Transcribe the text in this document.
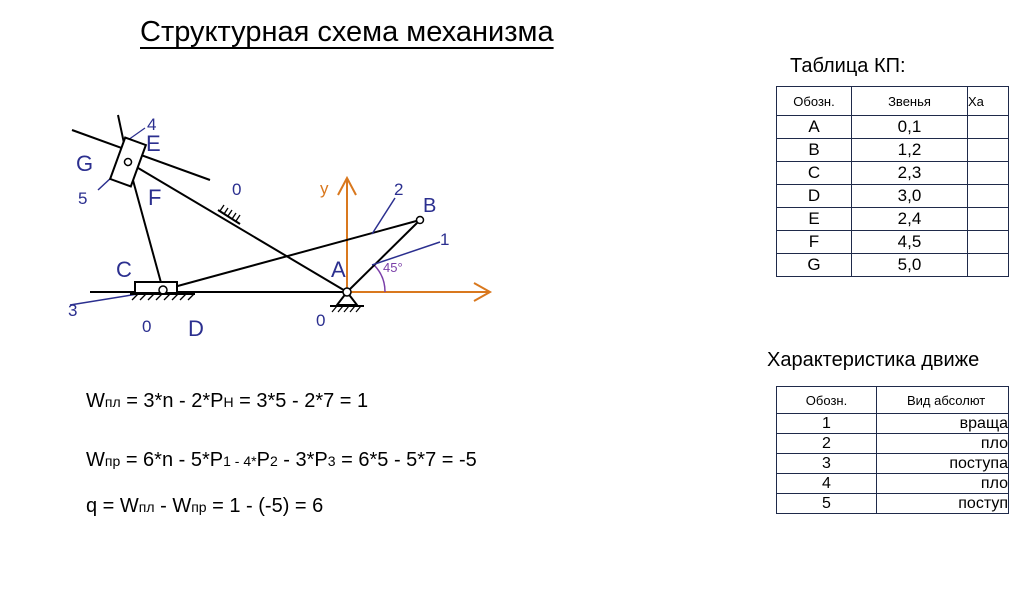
Структурная схема механизма
4
E
G
5	F	0	y	2
B
1
45°
C	A
3
0 D	0
Wпл = 3*n - 2*PН = 3*5 - 2*7 = 1
Wпр = 6*n - 5*P1 - 4*P2 - 3*P3 = 6*5 - 5*7 = -5
q = Wпл - Wпр = 1 - (-5) = 6
Таблица КП:
Обозн.	Звенья	Ха
A	0,1	
B	1,2	
C	2,3	
D	3,0	
E	2,4	
F	4,5	
G	5,0	
Характеристика движе
Обозн.	Вид абсолют
1	враща
2	пло
3	поступа
4	пло
5	поступ
